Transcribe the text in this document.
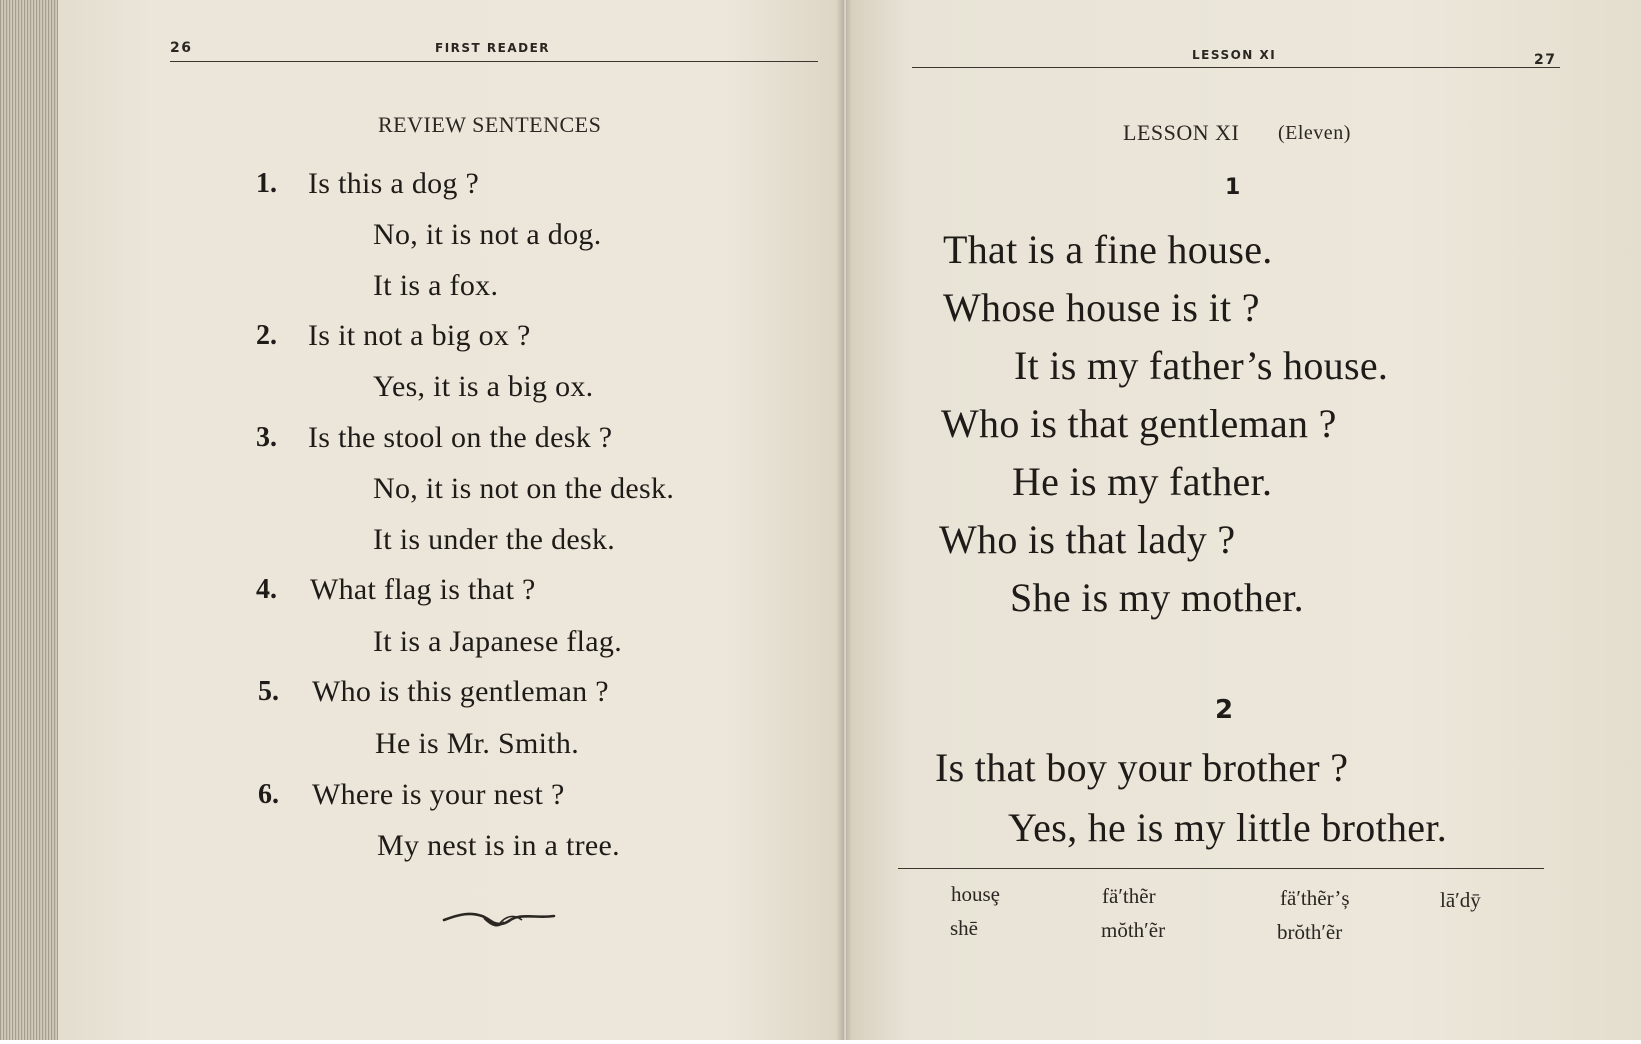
26	FIRST READER
REVIEW SENTENCES
1. Is this a dog ?
No, it is not a dog.
It is a fox.
2. Is it not a big ox ?
Yes, it is a big ox.
3. Is the stool on the desk ?
No, it is not on the desk.
It is under the desk.
4. What flag is that ?
It is a Japanese flag.
5. Who is this gentleman ?
He is Mr. Smith.
6. Where is your nest ?
My nest is in a tree.
LESSON XI	27
LESSON XI (Eleven)
1
That is a fine house.
Whose house is it ?
It is my father’s house.
Who is that gentleman ?
He is my father.
Who is that lady ?
She is my mother.
2
Is that boy your brother ?
Yes, he is my little brother.
housȩ	fä′thẽr	fä′thẽr’ș	lā′dȳ
shē	mŏth′ẽr	brŏth′ẽr
